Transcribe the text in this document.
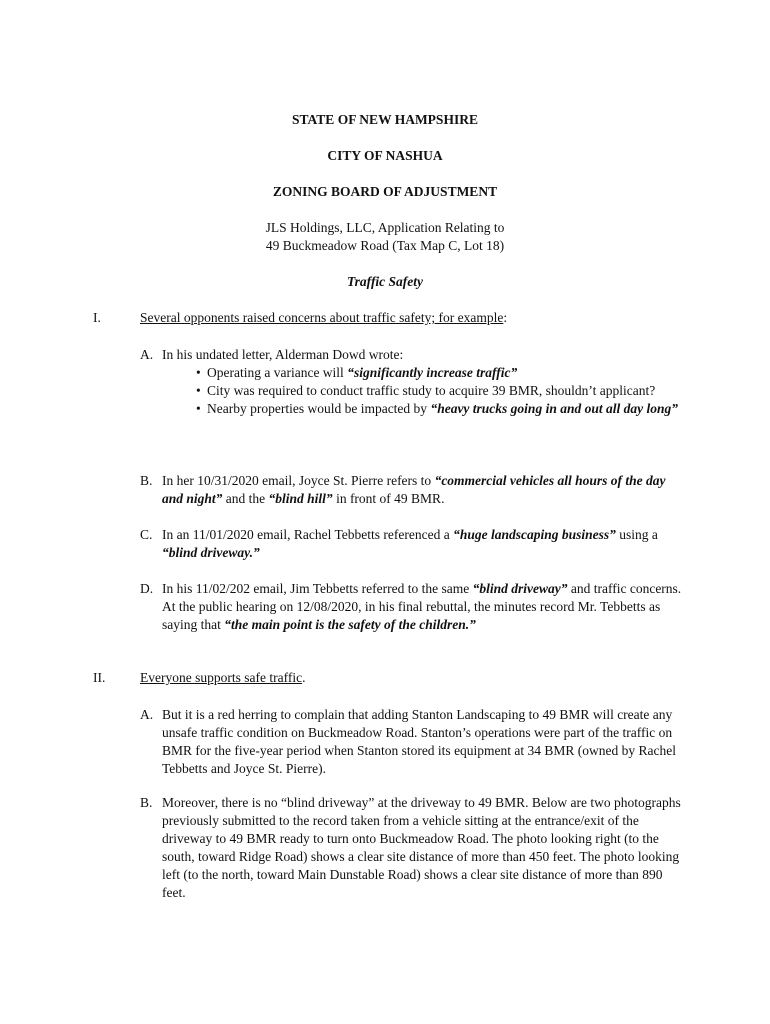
STATE OF NEW HAMPSHIRE
CITY OF NASHUA
ZONING BOARD OF ADJUSTMENT
JLS Holdings, LLC, Application Relating to
49 Buckmeadow Road (Tax Map C, Lot 18)
Traffic Safety
I.	Several opponents raised concerns about traffic safety; for example:
A. In his undated letter, Alderman Dowd wrote:
• Operating a variance will “significantly increase traffic”
• City was required to conduct traffic study to acquire 39 BMR, shouldn’t applicant?
• Nearby properties would be impacted by “heavy trucks going in and out all day long”
B. In her 10/31/2020 email, Joyce St. Pierre refers to “commercial vehicles all hours of the day and night” and the “blind hill” in front of 49 BMR.
C. In an 11/01/2020 email, Rachel Tebbetts referenced a “huge landscaping business” using a “blind driveway.”
D. In his 11/02/202 email, Jim Tebbetts referred to the same “blind driveway” and traffic concerns. At the public hearing on 12/08/2020, in his final rebuttal, the minutes record Mr. Tebbetts as saying that “the main point is the safety of the children.”
II.	Everyone supports safe traffic.
A. But it is a red herring to complain that adding Stanton Landscaping to 49 BMR will create any unsafe traffic condition on Buckmeadow Road. Stanton’s operations were part of the traffic on BMR for the five-year period when Stanton stored its equipment at 34 BMR (owned by Rachel Tebbetts and Joyce St. Pierre).
B. Moreover, there is no “blind driveway” at the driveway to 49 BMR. Below are two photographs previously submitted to the record taken from a vehicle sitting at the entrance/exit of the driveway to 49 BMR ready to turn onto Buckmeadow Road. The photo looking right (to the south, toward Ridge Road) shows a clear site distance of more than 450 feet. The photo looking left (to the north, toward Main Dunstable Road) shows a clear site distance of more than 890 feet.
